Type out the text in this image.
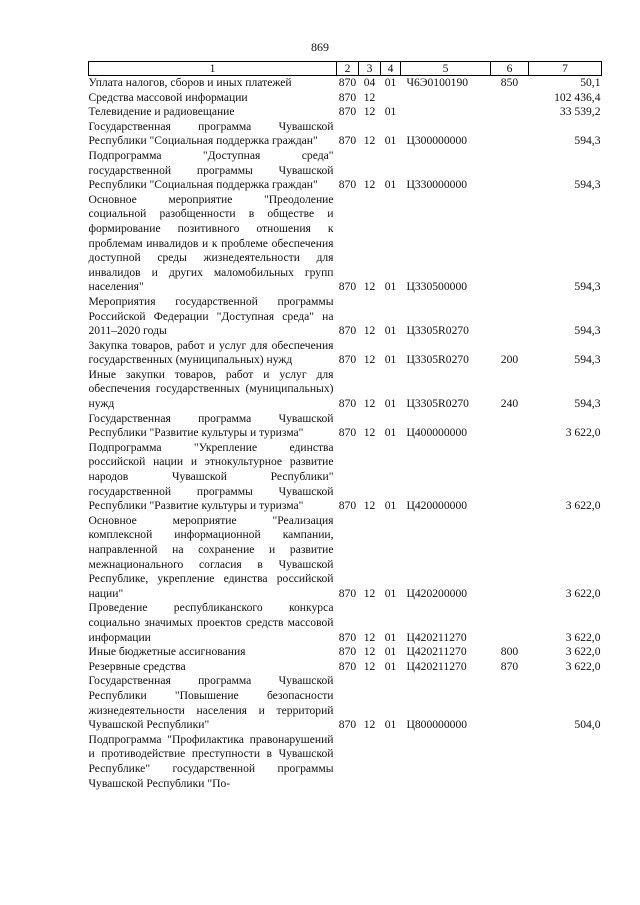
869
1	2	3	4	5	6	7
Уплата налогов, сборов и иных платежей	870	04	01	Ч6Э0100190	850	50,1
Средства массовой информации	870	12				102 436,4
Телевидение и радиовещание	870	12	01			33 539,2
Государственная программа Чувашской Республики "Социальная поддержка граждан"	870	12	01	Ц300000000		594,3
Подпрограмма "Доступная среда" государственной программы Чувашской Республики "Социальная поддержка граждан"	870	12	01	Ц330000000		594,3
Основное мероприятие "Преодоление социальной разобщенности в обществе и формирование позитивного отношения к проблемам инвалидов и к проблеме обеспечения доступной среды жизнедеятельности для инвалидов и других маломобильных групп населения"	870	12	01	Ц330500000		594,3
Мероприятия государственной программы Российской Федерации "Доступная среда" на 2011–2020 годы	870	12	01	Ц3305R0270		594,3
Закупка товаров, работ и услуг для обеспечения государственных (муниципальных) нужд	870	12	01	Ц3305R0270	200	594,3
Иные закупки товаров, работ и услуг для обеспечения государственных (муниципальных) нужд	870	12	01	Ц3305R0270	240	594,3
Государственная программа Чувашской Республики "Развитие культуры и туризма"	870	12	01	Ц400000000		3 622,0
Подпрограмма "Укрепление единства российской нации и этнокультурное развитие народов Чувашской Республики" государственной программы Чувашской Республики "Развитие культуры и туризма"	870	12	01	Ц420000000		3 622,0
Основное мероприятие "Реализация комплексной информационной кампании, направленной на сохранение и развитие межнационального согласия в Чувашской Республике, укрепление единства российской нации"	870	12	01	Ц420200000		3 622,0
Проведение республиканского конкурса социально значимых проектов средств массовой информации	870	12	01	Ц420211270		3 622,0
Иные бюджетные ассигнования	870	12	01	Ц420211270	800	3 622,0
Резервные средства	870	12	01	Ц420211270	870	3 622,0
Государственная программа Чувашской Республики "Повышение безопасности жизнедеятельности населения и территорий Чувашской Республики"	870	12	01	Ц800000000		504,0
Подпрограмма "Профилактика правонарушений и противодействие преступности в Чувашской Республике" государственной программы Чувашской Республики "По-						
